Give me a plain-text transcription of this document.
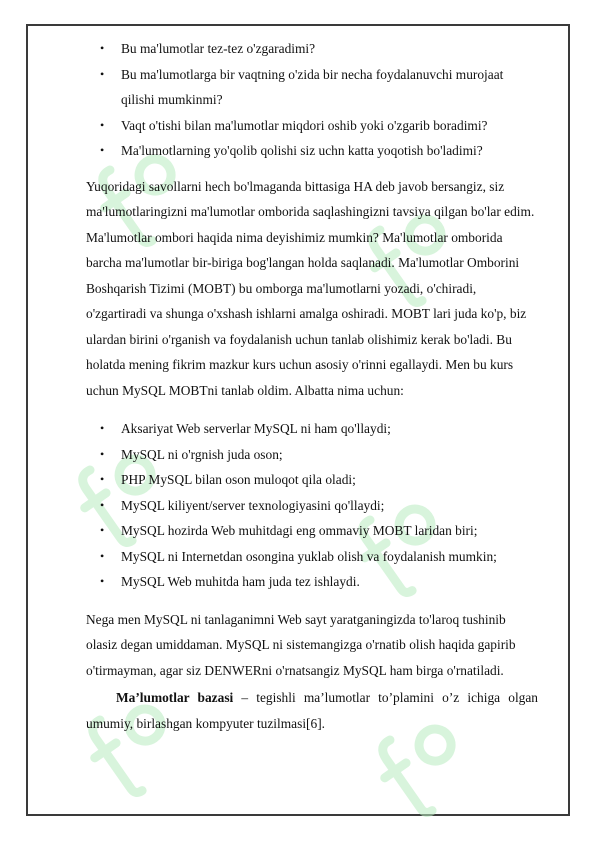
• Bu ma'lumotlar tez-tez o'zgaradimi?
• Bu ma'lumotlarga bir vaqtning o'zida bir necha foydalanuvchi murojaat qilishi mumkinmi?
• Vaqt o'tishi bilan ma'lumotlar miqdori oshib yoki o'zgarib boradimi?
• Ma'lumotlarning yo'qolib qolishi siz uchn katta yoqotish bo'ladimi?

Yuqoridagi savollarni hech bo'lmaganda bittasiga HA deb javob bersangiz, siz ma'lumotlaringizni ma'lumotlar omborida saqlashingizni tavsiya qilgan bo'lar edim. Ma'lumotlar ombori haqida nima deyishimiz mumkin? Ma'lumotlar omborida barcha ma'lumotlar bir-biriga bog'langan holda saqlanadi. Ma'lumotlar Omborini Boshqarish Tizimi (MOBT) bu omborga ma'lumotlarni yozadi, o'chiradi, o'zgartiradi va shunga o'xshash ishlarni amalga oshiradi. MOBT lari juda ko'p, biz ulardan birini o'rganish va foydalanish uchun tanlab olishimiz kerak bo'ladi. Bu holatda mening fikrim mazkur kurs uchun asosiy o'rinni egallaydi. Men bu kurs uchun MySQL MOBTni tanlab oldim. Albatta nima uchun:

• Aksariyat Web serverlar MySQL ni ham qo'llaydi;
• MySQL ni o'rgnish juda oson;
• PHP MySQL bilan oson muloqot qila oladi;
• MySQL kiliyent/server texnologiyasini qo'llaydi;
• MySQL hozirda Web muhitdagi eng ommaviy MOBT laridan biri;
• MySQL ni Internetdan osongina yuklab olish va foydalanish mumkin;
• MySQL Web muhitda ham juda tez ishlaydi.

Nega men MySQL ni tanlaganimni Web sayt yaratganingizda to'laroq tushinib olasiz degan umiddaman. MySQL ni sistemangizga o'rnatib olish haqida gapirib o'tirmayman, agar siz DENWERni o'rnatsangiz MySQL ham birga o'rnatiladi.

Ma’lumotlar bazasi – tegishli ma’lumotlar to’plamini o’z ichiga olgan umumiy, birlashgan kompyuter tuzilmasi[6].
